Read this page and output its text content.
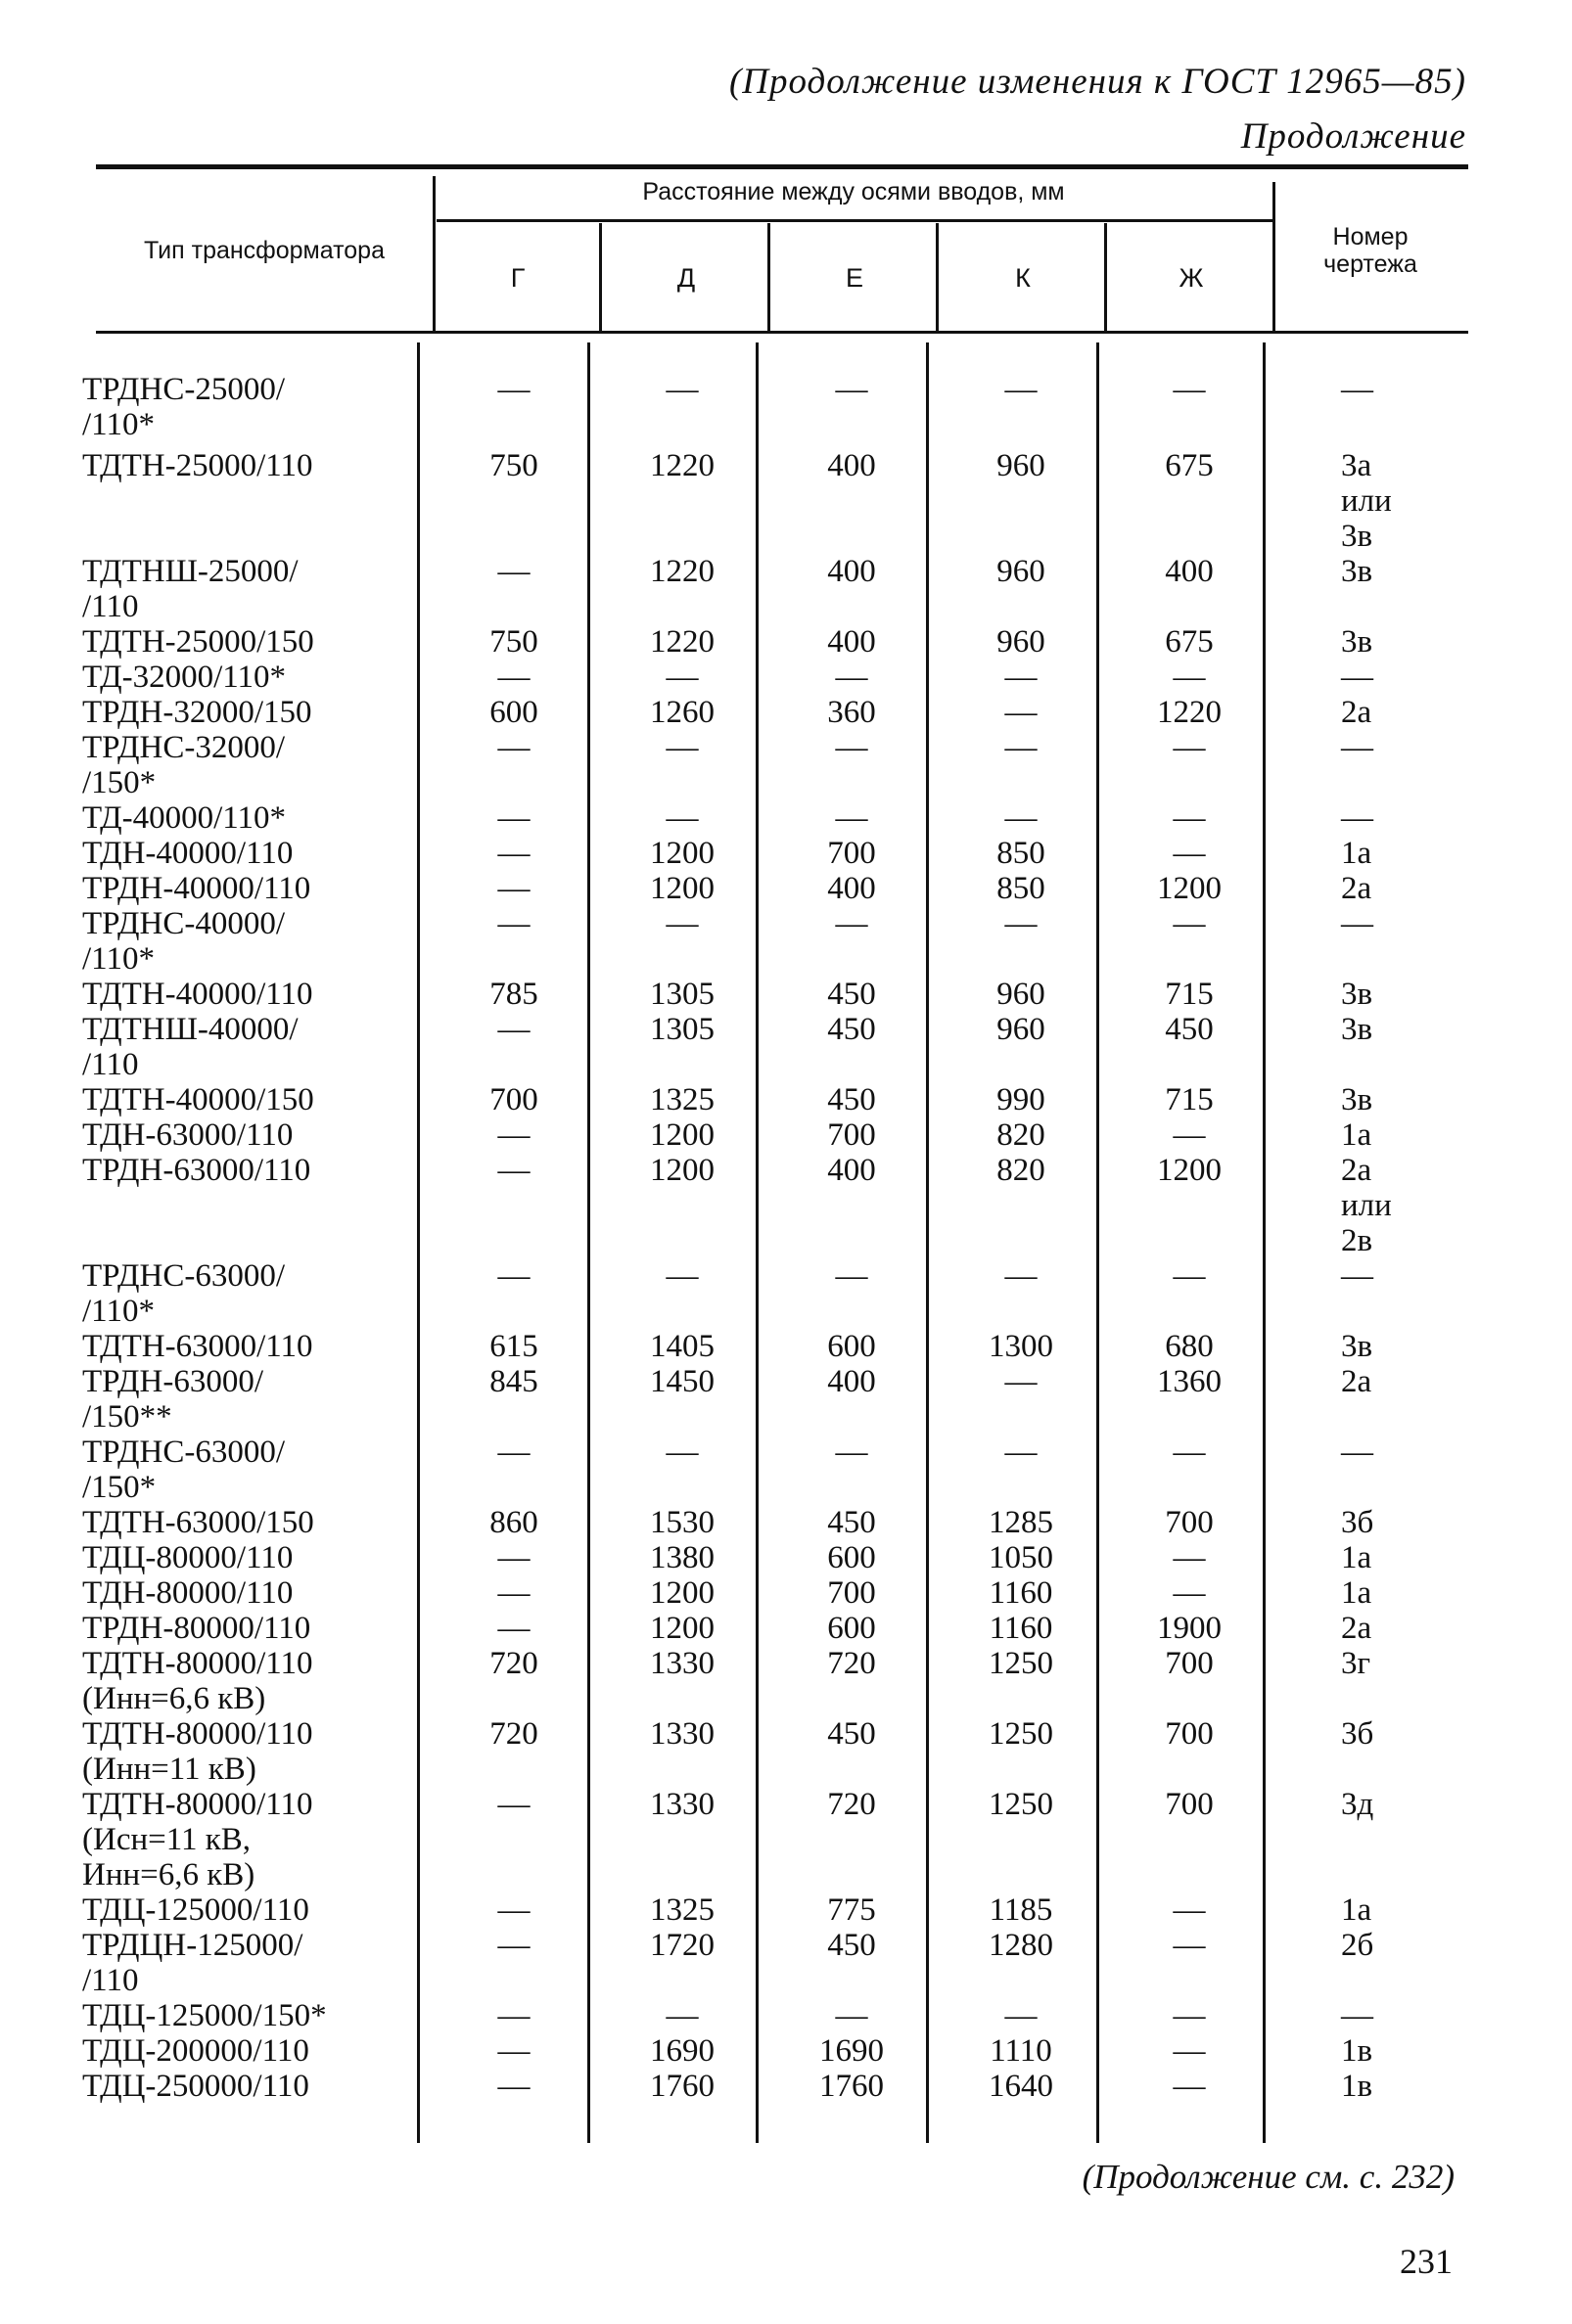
(Продолжение изменения к ГОСТ 12965—85)
Продолжение
Тип трансформатора
Расстояние между осями вводов, мм
Г	Д	Е	К	Ж
Номер
чертежа
ТРДНС-25000/
/110*
—	—	—	—	—	—
ТДТН-25000/110	750	1220	400	960	675	3а
или
3в
ТДТНШ-25000/
/110
—	1220	400	960	400	3в
ТДТН-25000/150	750	1220	400	960	675	3в
ТД-32000/110*	—	—	—	—	—	—
ТРДН-32000/150	600	1260	360	—	1220	2а
ТРДНС-32000/
/150*
—	—	—	—	—	—
ТД-40000/110*	—	—	—	—	—	—
ТДН-40000/110	—	1200	700	850	—	1а
ТРДН-40000/110	—	1200	400	850	1200	2а
ТРДНС-40000/
/110*
—	—	—	—	—	—
ТДТН-40000/110	785	1305	450	960	715	3в
ТДТНШ-40000/
/110
—	1305	450	960	450	3в
ТДТН-40000/150	700	1325	450	990	715	3в
ТДН-63000/110	—	1200	700	820	—	1а
ТРДН-63000/110	—	1200	400	820	1200	2а
или
2в
ТРДНС-63000/
/110*
—	—	—	—	—	—
ТДТН-63000/110	615	1405	600	1300	680	3в
ТРДН-63000/
/150**
845	1450	400	—	1360	2а
ТРДНС-63000/
/150*
—	—	—	—	—	—
ТДТН-63000/150	860	1530	450	1285	700	3б
ТДЦ-80000/110	—	1380	600	1050	—	1а
ТДН-80000/110	—	1200	700	1160	—	1а
ТРДН-80000/110	—	1200	600	1160	1900	2а
ТДТН-80000/110
(Инн=6,6 кВ)
720	1330	720	1250	700	3г
ТДТН-80000/110
(Инн=11 кВ)
720	1330	450	1250	700	3б
ТДТН-80000/110
(Исн=11 кВ,
Инн=6,6 кВ)
—	1330	720	1250	700	3д
ТДЦ-125000/110	—	1325	775	1185	—	1а
ТРДЦН-125000/
/110
—	1720	450	1280	—	2б
ТДЦ-125000/150*	—	—	—	—	—	—
ТДЦ-200000/110	—	1690	1690	1110	—	1в
ТДЦ-250000/110	—	1760	1760	1640	—	1в
(Продолжение см. с. 232)
231
